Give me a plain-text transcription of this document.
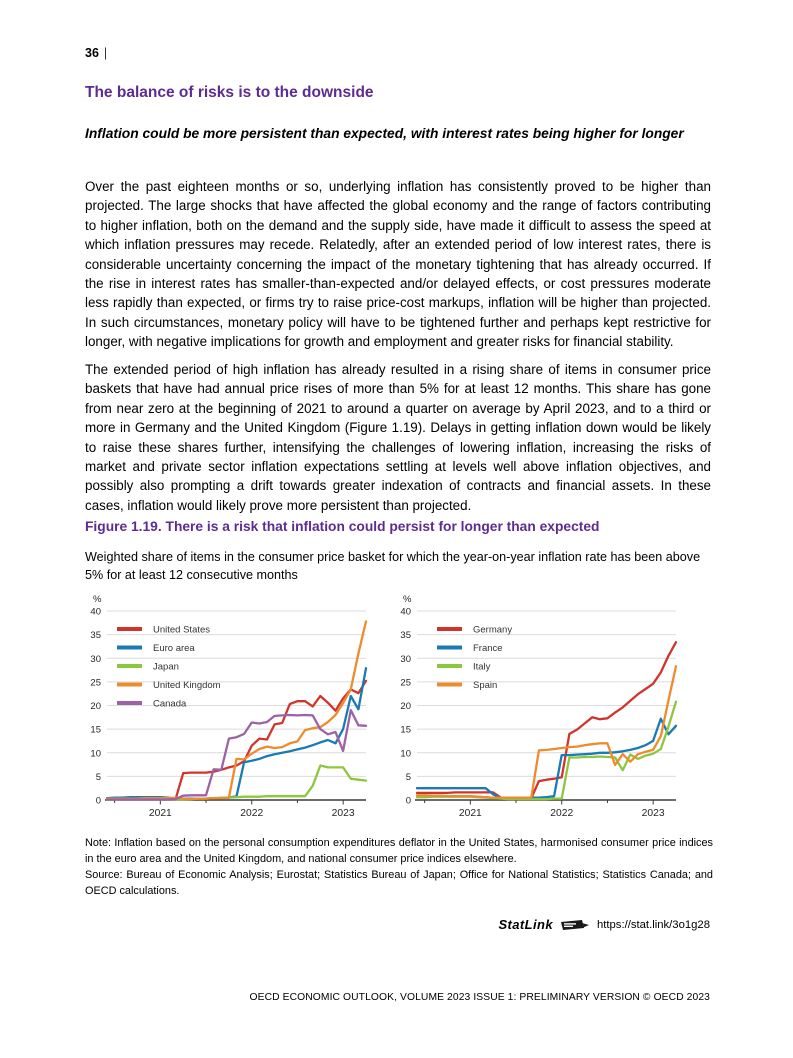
36 |
The balance of risks is to the downside
Inflation could be more persistent than expected, with interest rates being higher for longer

Over the past eighteen months or so, underlying inflation has consistently proved to be higher than projected. The large shocks that have affected the global economy and the range of factors contributing to higher inflation, both on the demand and the supply side, have made it difficult to assess the speed at which inflation pressures may recede. Relatedly, after an extended period of low interest rates, there is considerable uncertainty concerning the impact of the monetary tightening that has already occurred. If the rise in interest rates has smaller-than-expected and/or delayed effects, or cost pressures moderate less rapidly than expected, or firms try to raise price-cost markups, inflation will be higher than projected. In such circumstances, monetary policy will have to be tightened further and perhaps kept restrictive for longer, with negative implications for growth and employment and greater risks for financial stability.

The extended period of high inflation has already resulted in a rising share of items in consumer price baskets that have had annual price rises of more than 5% for at least 12 months. This share has gone from near zero at the beginning of 2021 to around a quarter on average by April 2023, and to a third or more in Germany and the United Kingdom (Figure 1.19). Delays in getting inflation down would be likely to raise these shares further, intensifying the challenges of lowering inflation, increasing the risks of market and private sector inflation expectations settling at levels well above inflation objectives, and possibly also prompting a drift towards greater indexation of contracts and financial assets. In these cases, inflation would likely prove more persistent than projected.

Figure 1.19. There is a risk that inflation could persist for longer than expected
Weighted share of items in the consumer price basket for which the year-on-year inflation rate has been above 5% for at least 12 consecutive months
0
5
10
15
20
25
30
35
40
%
2021	2022	2023
United States
Euro area
Japan
United Kingdom
Canada
0
5
10
15
20
25
30
35
40
%
2021	2022	2023
Germany
France
Italy
Spain
Note: Inflation based on the personal consumption expenditures deflator in the United States, harmonised consumer price indices in the euro area and the United Kingdom, and national consumer price indices elsewhere.
Source: Bureau of Economic Analysis; Eurostat; Statistics Bureau of Japan; Office for National Statistics; Statistics Canada; and OECD calculations.
StatLink	https://stat.link/3o1g28
OECD ECONOMIC OUTLOOK, VOLUME 2023 ISSUE 1: PRELIMINARY VERSION © OECD 2023
